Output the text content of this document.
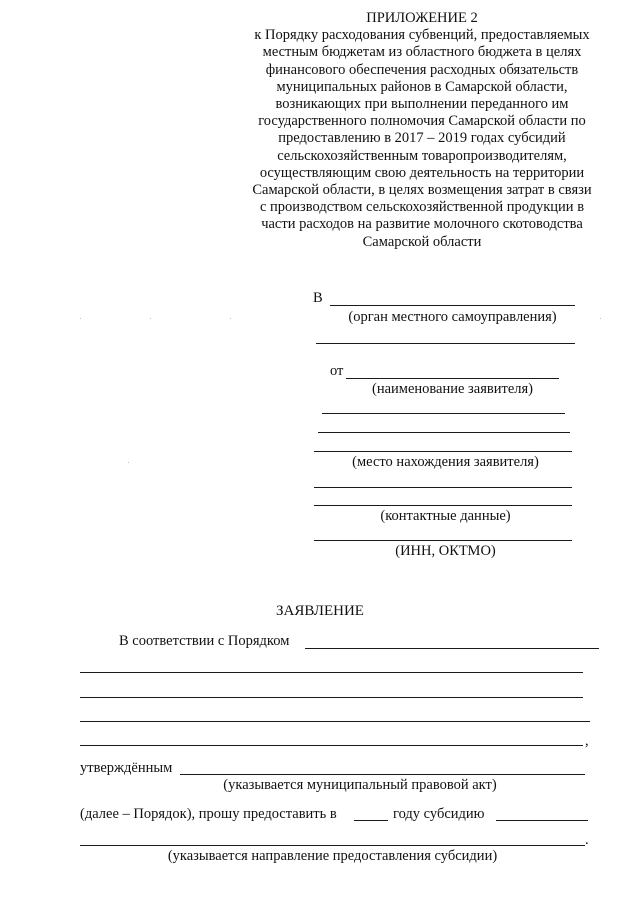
ПРИЛОЖЕНИЕ 2
к Порядку расходования субвенций, предоставляемых
местным бюджетам из областного бюджета в целях
финансового обеспечения расходных обязательств
муниципальных районов в Самарской области,
возникающих при выполнении переданного им
государственного полномочия Самарской области по
предоставлению в 2017 – 2019 годах субсидий
сельскохозяйственным товаропроизводителям,
осуществляющим свою деятельность на территории
Самарской области, в целях возмещения затрат в связи
с производством сельскохозяйственной продукции в
части расходов на развитие молочного скотоводства
Самарской области
В
(орган местного самоуправления)
от
(наименование заявителя)
(место нахождения заявителя)
(контактные данные)
(ИНН, ОКТМО)
ЗАЯВЛЕНИЕ
В соответствии с Порядком
,
утверждённым
(указывается муниципальный правовой акт)
(далее – Порядок), прошу предоставить в	году субсидию
.
(указывается направление предоставления субсидии)
